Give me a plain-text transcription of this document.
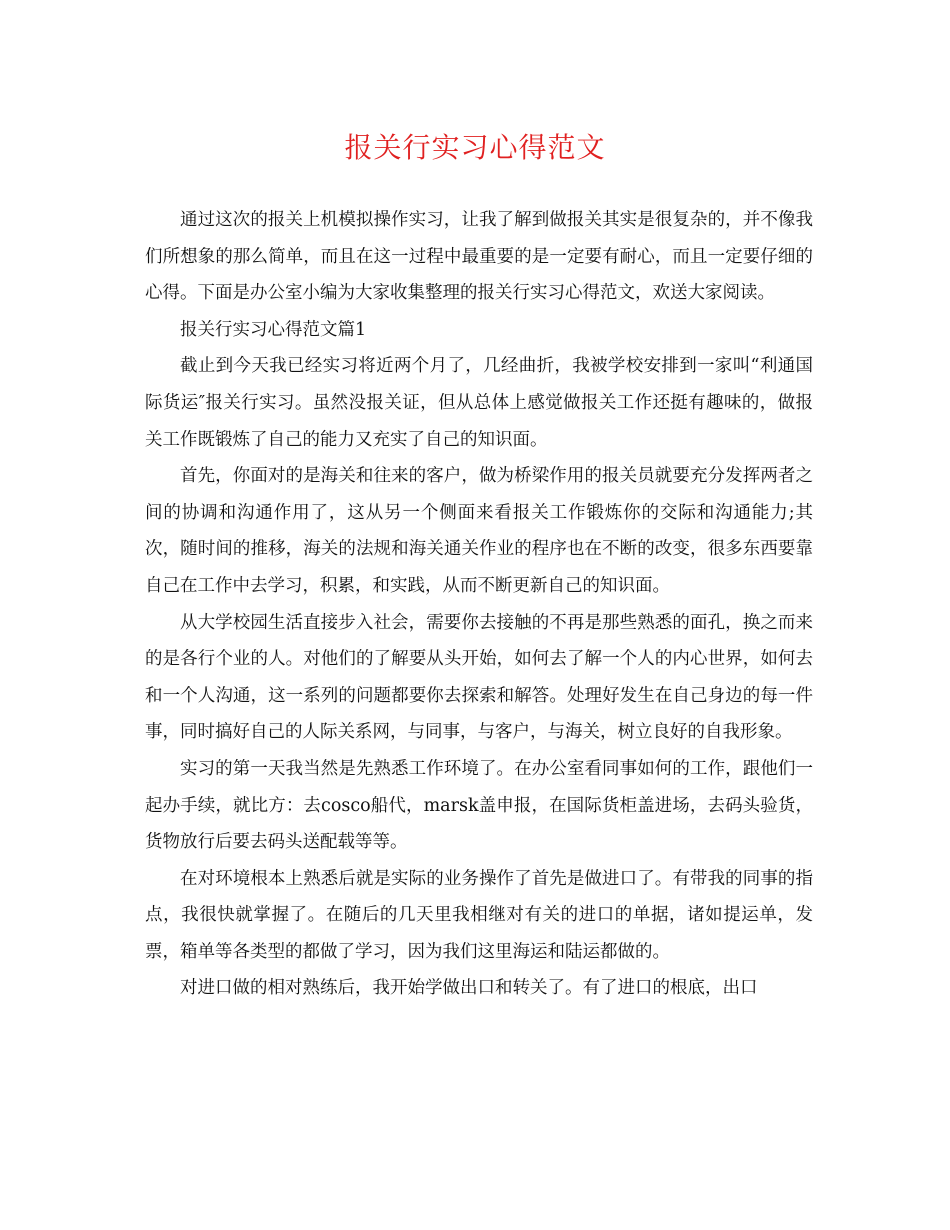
报关行实习心得范文

通过这次的报关上机模拟操作实习，让我了解到做报关其实是很复杂的，并不像我们所想象的那么简单，而且在这一过程中最重要的是一定要有耐心，而且一定要仔细的心得。下面是办公室小编为大家收集整理的报关行实习心得范文，欢送大家阅读。

报关行实习心得范文篇1

截止到今天我已经实习将近两个月了，几经曲折，我被学校安排到一家叫“利通国际货运″报关行实习。虽然没报关证，但从总体上感觉做报关工作还挺有趣味的，做报关工作既锻炼了自己的能力又充实了自己的知识面。

首先，你面对的是海关和往来的客户，做为桥梁作用的报关员就要充分发挥两者之间的协调和沟通作用了，这从另一个侧面来看报关工作锻炼你的交际和沟通能力;其次，随时间的推移，海关的法规和海关通关作业的程序也在不断的改变，很多东西要靠自己在工作中去学习，积累，和实践，从而不断更新自己的知识面。

从大学校园生活直接步入社会，需要你去接触的不再是那些熟悉的面孔，换之而来的是各行个业的人。对他们的了解要从头开始，如何去了解一个人的内心世界，如何去和一个人沟通，这一系列的问题都要你去探索和解答。处理好发生在自己身边的每一件事，同时搞好自己的人际关系网，与同事，与客户，与海关，树立良好的自我形象。

实习的第一天我当然是先熟悉工作环境了。在办公室看同事如何的工作，跟他们一起办手续，就比方：去cosco船代，marsk盖申报，在国际货柜盖进场，去码头验货，货物放行后要去码头送配载等等。

在对环境根本上熟悉后就是实际的业务操作了首先是做进口了。有带我的同事的指点，我很快就掌握了。在随后的几天里我相继对有关的进口的单据，诸如提运单，发票，箱单等各类型的都做了学习，因为我们这里海运和陆运都做的。

对进口做的相对熟练后，我开始学做出口和转关了。有了进口的根底，出口
